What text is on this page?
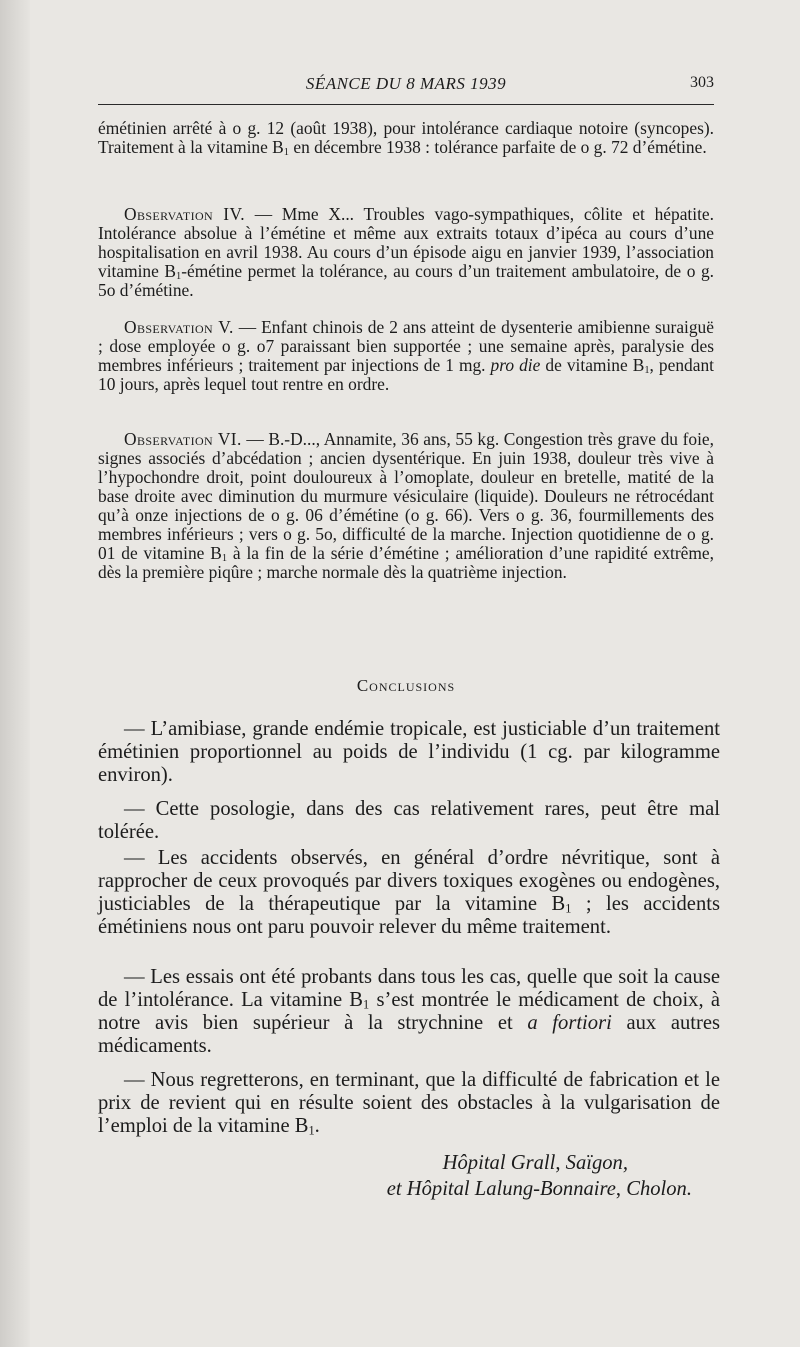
SÉANCE DU 8 MARS 1939	303

émétinien arrêté à o g. 12 (août 1938), pour intolérance cardiaque notoire (syncopes). Traitement à la vitamine $B_1$ en décembre 1938 : tolérance parfaite de o g. 72 d’émétine.

Observation IV. — Mme X... Troubles vago-sympathiques, côlite et hépatite. Intolérance absolue à l’émétine et même aux extraits totaux d’ipéca au cours d’une hospitalisation en avril 1938. Au cours d’un épisode aigu en janvier 1939, l’association vitamine $B_1$-émétine permet la tolérance, au cours d’un traitement ambulatoire, de o g. 5o d’émétine.

Observation V. — Enfant chinois de 2 ans atteint de dysenterie amibienne suraiguë ; dose employée o g. o7 paraissant bien supportée ; une semaine après, paralysie des membres inférieurs ; traitement par injections de 1 mg. pro die de vitamine $B_1$, pendant 10 jours, après lequel tout rentre en ordre.

Observation VI. — B.-D..., Annamite, 36 ans, 55 kg. Congestion très grave du foie, signes associés d’abcédation ; ancien dysentérique. En juin 1938, douleur très vive à l’hypochondre droit, point douloureux à l’omoplate, douleur en bretelle, matité de la base droite avec diminution du murmure vésiculaire (liquide). Douleurs ne rétrocédant qu’à onze injections de o g. 06 d’émétine (o g. 66). Vers o g. 36, fourmillements des membres inférieurs ; vers o g. 5o, difficulté de la marche. Injection quotidienne de o g. 01 de vitamine $B_1$ à la fin de la série d’émétine ; amélioration d’une rapidité extrême, dès la première piqûre ; marche normale dès la quatrième injection.

Conclusions

— L’amibiase, grande endémie tropicale, est justiciable d’un traitement émétinien proportionnel au poids de l’individu (1 cg. par kilogramme environ).

— Cette posologie, dans des cas relativement rares, peut être mal tolérée.

— Les accidents observés, en général d’ordre névritique, sont à rapprocher de ceux provoqués par divers toxiques exogènes ou endogènes, justiciables de la thérapeutique par la vitamine $B_1$ ; les accidents émétiniens nous ont paru pouvoir relever du même traitement.

— Les essais ont été probants dans tous les cas, quelle que soit la cause de l’intolérance. La vitamine $B_1$ s’est montrée le médicament de choix, à notre avis bien supérieur à la strychnine et a fortiori aux autres médicaments.

— Nous regretterons, en terminant, que la difficulté de fabrication et le prix de revient qui en résulte soient des obstacles à la vulgarisation de l’emploi de la vitamine $B_1$.

Hôpital Grall, Saïgon,
et Hôpital Lalung-Bonnaire, Cholon.
